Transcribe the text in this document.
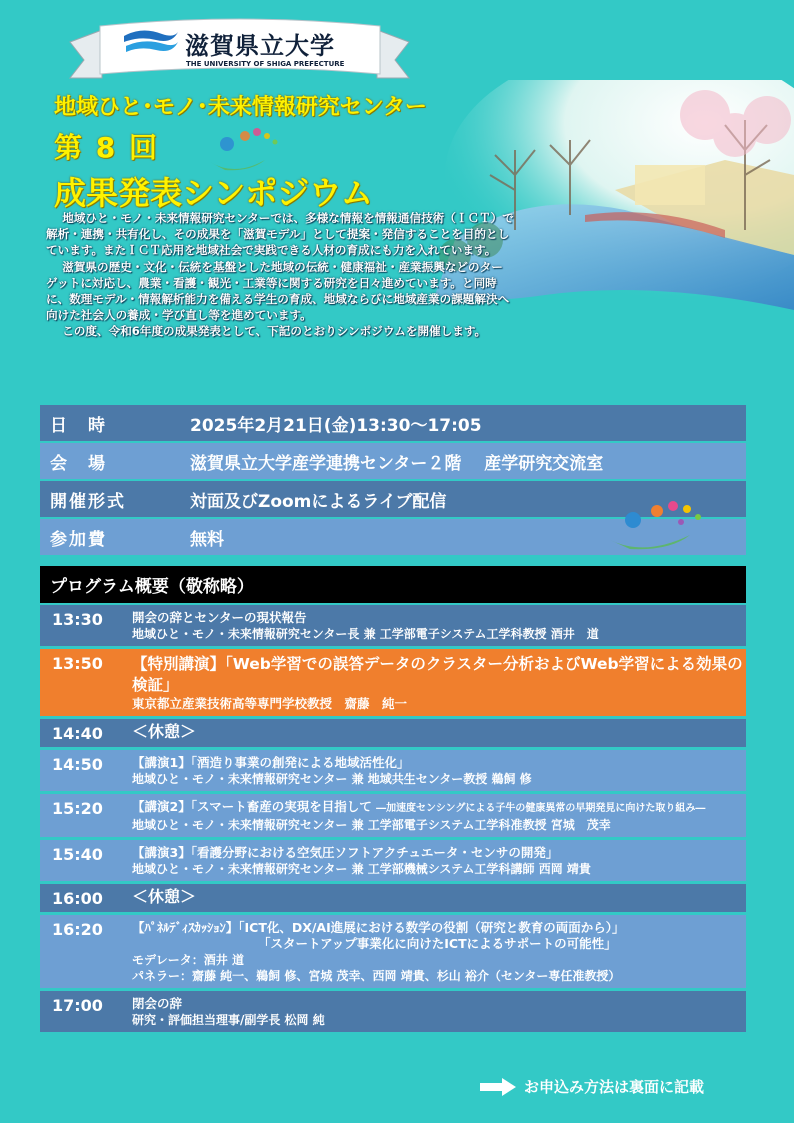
滋賀県立大学
THE UNIVERSITY OF SHIGA PREFECTURE
地域ひと･モノ･未来情報研究センター
第 8 回
成果発表シンポジウム

地域ひと・モノ・未来情報研究センターでは、多様な情報を情報通信技術（ＩＣＴ）で解析・連携・共有化し、その成果を「滋賀モデル」として提案・発信することを目的としています。またＩＣＴ応用を地域社会で実践できる人材の育成にも力を入れています。

滋賀県の歴史・文化・伝統を基盤とした地域の伝統・健康福祉・産業振興などのターゲットに対応し、農業・看護・観光・工業等に関する研究を日々進めています。と同時に、数理モデル・情報解析能力を備える学生の育成、地域ならびに地域産業の課題解決へ向けた社会人の養成・学び直し等を進めています。

この度、令和6年度の成果発表として、下記のとおりシンポジウムを開催します。

日　時	2025年2月21日(金)13:30～17:05
会　場	滋賀県立大学産学連携センター２階　 産学研究交流室
開催形式	対面及びZoomによるライブ配信
参加費	無料
プログラム概要（敬称略）
13:30	開会の辞とセンターの現状報告
地域ひと・モノ・未来情報研究センター長 兼 工学部電子システム工学科教授 酒井　道
13:50	【特別講演】「Web学習での誤答データのクラスター分析およびWeb学習による効果の検証」
東京都立産業技術高等専門学校教授　齋藤　純一
14:40	＜休憩＞
14:50	【講演1】「酒造り事業の創発による地域活性化」
地域ひと・モノ・未来情報研究センター 兼 地域共生センター教授 鵜飼 修
15:20	【講演2】「スマート畜産の実現を目指して ―加速度センシングによる子牛の健康異常の早期発見に向けた取り組み―
地域ひと・モノ・未来情報研究センター 兼 工学部電子システム工学科准教授 宮城　茂幸
15:40	【講演3】「看護分野における空気圧ソフトアクチュエータ・センサの開発」
地域ひと・モノ・未来情報研究センター 兼 工学部機械システム工学科講師 西岡 靖貴
16:00	＜休憩＞
16:20	【ﾊﾟﾈﾙﾃﾞｨｽｶｯｼｮﾝ】「ICT化、DX/AI進展における数学の役割（研究と教育の両面から）」
「スタートアップ事業化に向けたICTによるサポートの可能性」
モデレータ：酒井 道
パネラー：齋藤 純一、鵜飼 修、宮城 茂幸、西岡 靖貴、杉山 裕介（センター専任准教授）
17:00	閉会の辞
研究・評価担当理事/副学長 松岡 純
お申込み方法は裏面に記載
